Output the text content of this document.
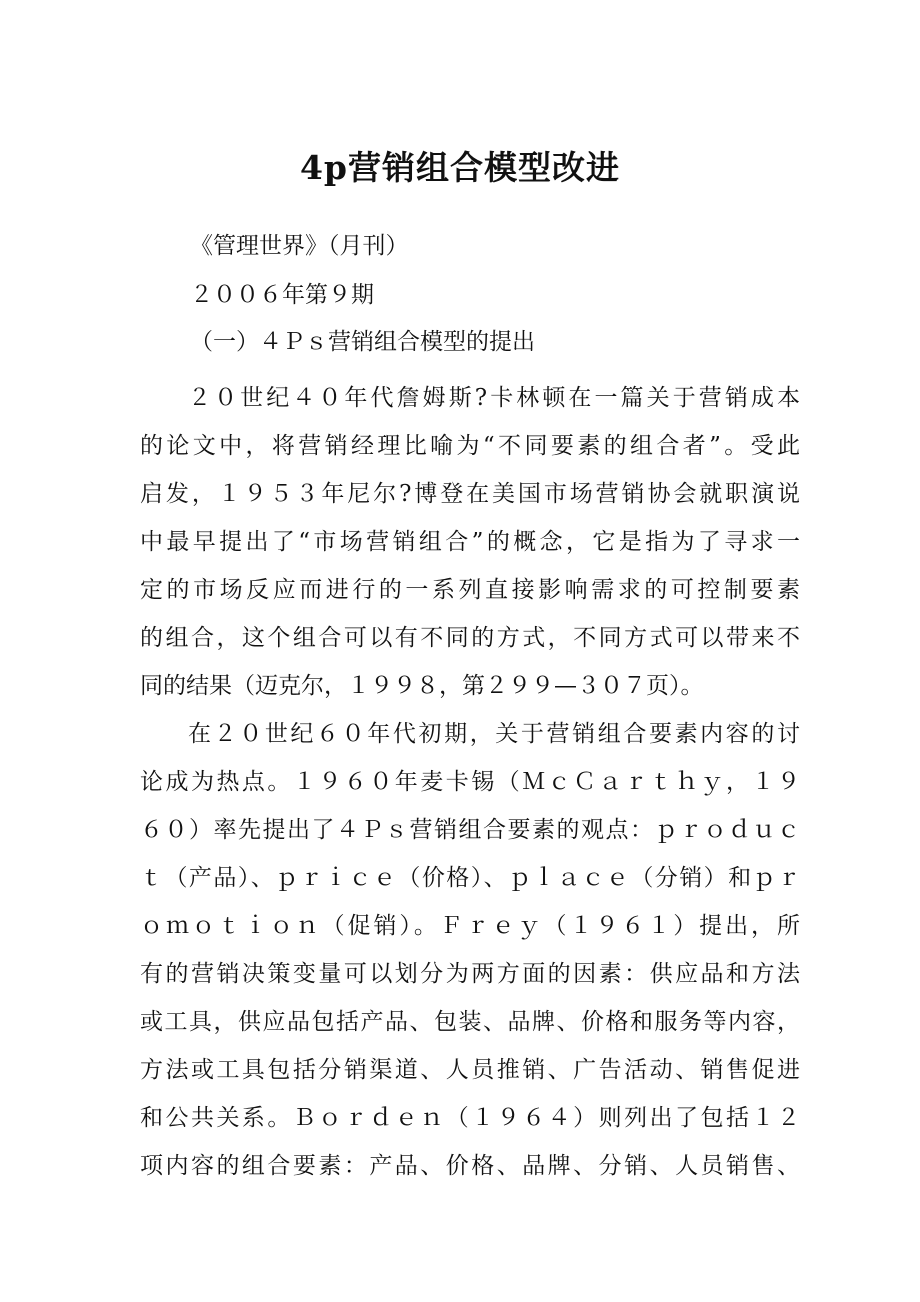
4p营销组合模型改进

《管理世界》（月刊）

２００６年第９期

（一）４Ｐｓ营销组合模型的提出

２０世纪４０年代詹姆斯?卡林顿在一篇关于营销成本
的论文中，将营销经理比喻为“不同要素的组合者”。受此
启发，１９５３年尼尔?博登在美国市场营销协会就职演说
中最早提出了“市场营销组合”的概念，它是指为了寻求一
定的市场反应而进行的一系列直接影响需求的可控制要素
的组合，这个组合可以有不同的方式，不同方式可以带来不
同的结果（迈克尔，１９９８，第２９９—３０７页）。
在２０世纪６０年代初期，关于营销组合要素内容的讨
论成为热点。１９６０年麦卡锡（ＭｃＣａｒｔｈｙ，１９
６０）率先提出了４Ｐｓ营销组合要素的观点：ｐｒｏｄｕｃ
ｔ（产品）、ｐｒｉｃｅ（价格）、ｐｌａｃｅ（分销）和ｐｒ
ｏｍｏｔｉｏｎ（促销）。Ｆｒｅｙ（１９６１）提出，所
有的营销决策变量可以划分为两方面的因素：供应品和方法
或工具，供应品包括产品、包装、品牌、价格和服务等内容，
方法或工具包括分销渠道、人员推销、广告活动、销售促进
和公共关系。Ｂｏｒｄｅｎ（１９６４）则列出了包括１２
项内容的组合要素：产品、价格、品牌、分销、人员销售、
